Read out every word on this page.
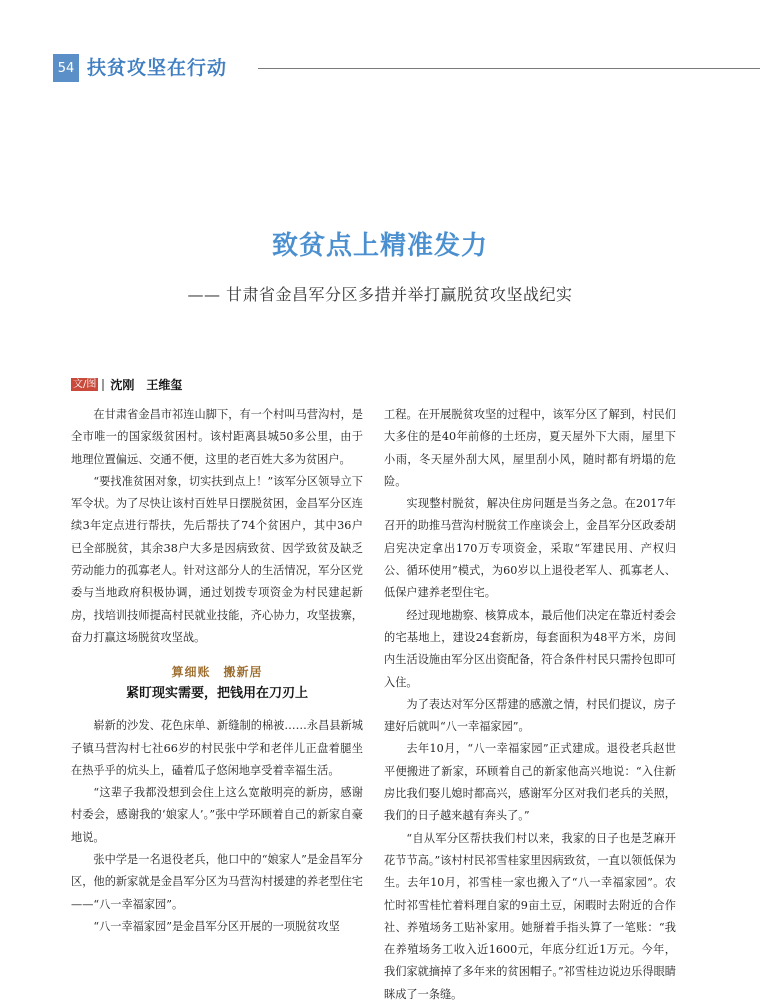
54 扶贫攻坚在行动
致贫点上精准发力
—— 甘肃省金昌军分区多措并举打赢脱贫攻坚战纪实
文/图 沈刚　王维玺

在甘肃省金昌市祁连山脚下，有一个村叫马营沟村，是全市唯一的国家级贫困村。该村距离县城50多公里，由于地理位置偏远、交通不便，这里的老百姓大多为贫困户。

“要找准贫困对象，切实扶到点上！”该军分区领导立下军令状。为了尽快让该村百姓早日摆脱贫困，金昌军分区连续3年定点进行帮扶，先后帮扶了74个贫困户，其中36户已全部脱贫，其余38户大多是因病致贫、因学致贫及缺乏劳动能力的孤寡老人。针对这部分人的生活情况，军分区党委与当地政府积极协调，通过划拨专项资金为村民建起新房，找培训技师提高村民就业技能，齐心协力，攻坚拔寨，奋力打赢这场脱贫攻坚战。

算细账　搬新居
紧盯现实需要，把钱用在刀刃上

崭新的沙发、花色床单、新缝制的棉被……永昌县新城子镇马营沟村七社66岁的村民张中学和老伴儿正盘着腿坐在热乎乎的炕头上，磕着瓜子悠闲地享受着幸福生活。

“这辈子我都没想到会住上这么宽敞明亮的新房，感谢村委会，感谢我的‘娘家人’。”张中学环顾着自己的新家自豪地说。

张中学是一名退役老兵，他口中的“娘家人”是金昌军分区，他的新家就是金昌军分区为马营沟村援建的养老型住宅——“八一幸福家园”。

“八一幸福家园”是金昌军分区开展的一项脱贫攻坚

工程。在开展脱贫攻坚的过程中，该军分区了解到，村民们大多住的是40年前修的土坯房，夏天屋外下大雨，屋里下小雨，冬天屋外刮大风，屋里刮小风，随时都有坍塌的危险。

实现整村脱贫，解决住房问题是当务之急。在2017年召开的助推马营沟村脱贫工作座谈会上，金昌军分区政委胡启宪决定拿出170万专项资金，采取“军建民用、产权归公、循环使用”模式，为60岁以上退役老军人、孤寡老人、低保户建养老型住宅。

经过现地勘察、核算成本，最后他们决定在靠近村委会的宅基地上，建设24套新房，每套面积为48平方米，房间内生活设施由军分区出资配备，符合条件村民只需拎包即可入住。

为了表达对军分区帮建的感激之情，村民们提议，房子建好后就叫“八一幸福家园”。

去年10月，“八一幸福家园”正式建成。退役老兵赵世平便搬进了新家，环顾着自己的新家他高兴地说：“入住新房比我们娶儿媳时都高兴，感谢军分区对我们老兵的关照，我们的日子越来越有奔头了。”

“自从军分区帮扶我们村以来，我家的日子也是芝麻开花节节高。”该村村民祁雪桂家里因病致贫，一直以领低保为生。去年10月，祁雪桂一家也搬入了“八一幸福家园”。农忙时祁雪桂忙着料理自家的9亩土豆，闲暇时去附近的合作社、养殖场务工贴补家用。她掰着手指头算了一笔账：“我在养殖场务工收入近1600元，年底分红近1万元。今年，我们家就摘掉了多年来的贫困帽子。”祁雪桂边说边乐得眼睛眯成了一条缝。
